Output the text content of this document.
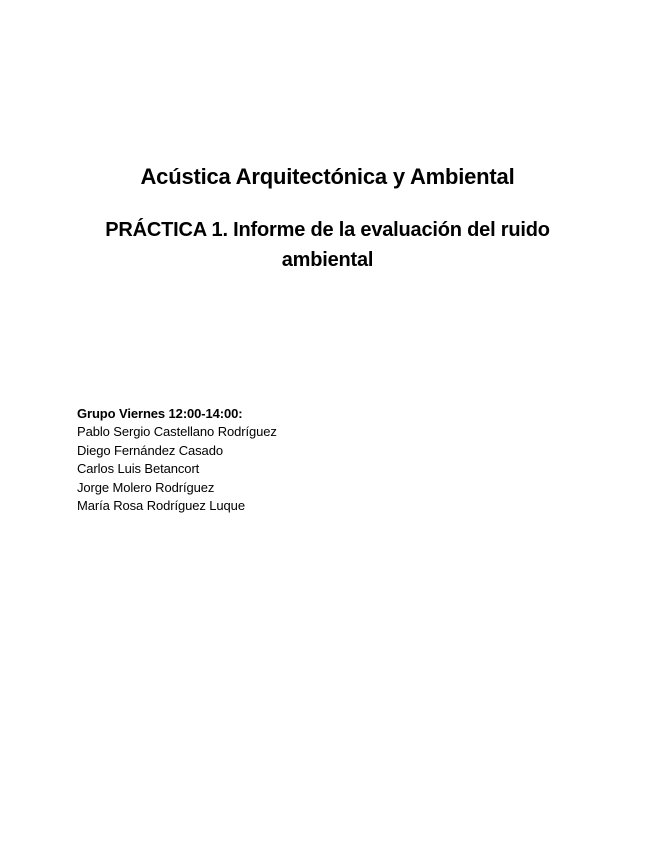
Acústica Arquitectónica y Ambiental
PRÁCTICA 1. Informe de la evaluación del ruido ambiental
Grupo Viernes 12:00-14:00:
Pablo Sergio Castellano Rodríguez
Diego Fernández Casado
Carlos Luis Betancort
Jorge Molero Rodríguez
María Rosa Rodríguez Luque
